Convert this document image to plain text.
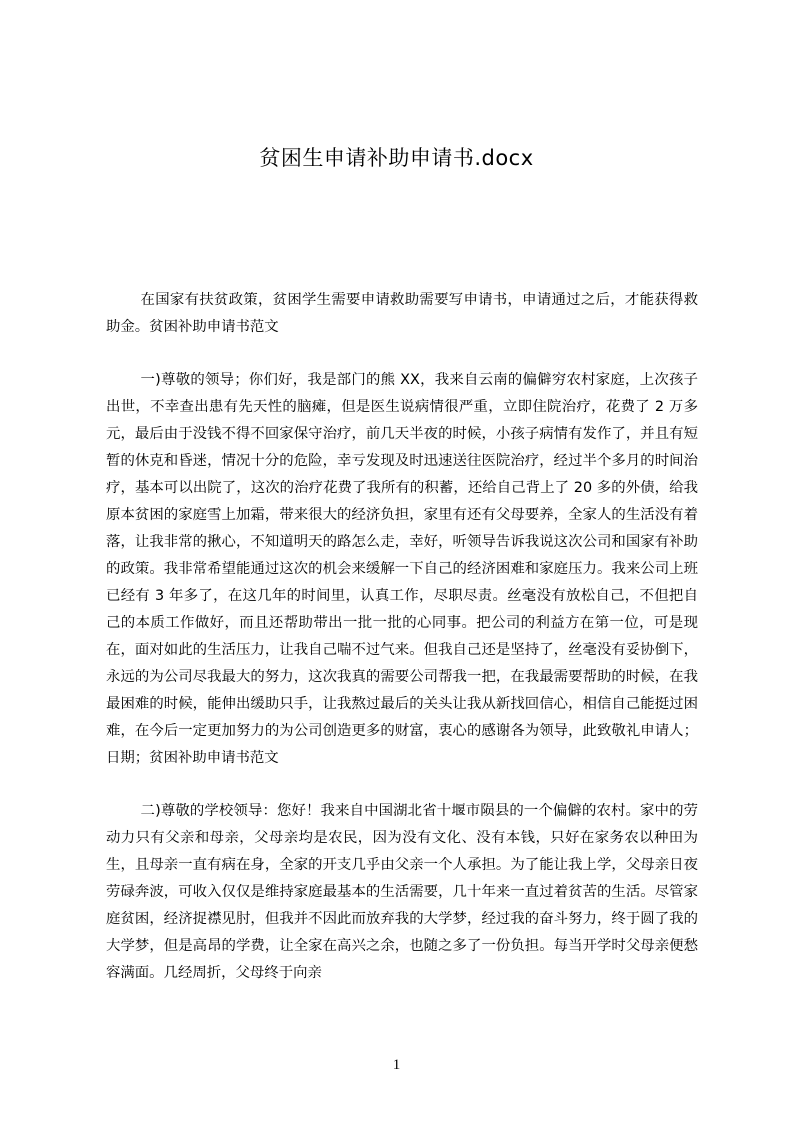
贫困生申请补助申请书.docx

在国家有扶贫政策，贫困学生需要申请救助需要写申请书，申请通过之后，才能获得救助金。贫困补助申请书范文

一)尊敬的领导；你们好，我是部门的熊 XX，我来自云南的偏僻穷农村家庭，上次孩子出世，不幸查出患有先天性的脑瘫，但是医生说病情很严重，立即住院治疗，花费了 2 万多元，最后由于没钱不得不回家保守治疗，前几天半夜的时候，小孩子病情有发作了，并且有短暂的休克和昏迷，情况十分的危险，幸亏发现及时迅速送往医院治疗，经过半个多月的时间治疗，基本可以出院了，这次的治疗花费了我所有的积蓄，还给自己背上了 20 多的外债，给我原本贫困的家庭雪上加霜，带来很大的经济负担，家里有还有父母要养，全家人的生活没有着落，让我非常的揪心，不知道明天的路怎么走，幸好，听领导告诉我说这次公司和国家有补助的政策。我非常希望能通过这次的机会来缓解一下自己的经济困难和家庭压力。我来公司上班已经有 3 年多了，在这几年的时间里，认真工作，尽职尽责。丝毫没有放松自己，不但把自己的本质工作做好，而且还帮助带出一批一批的心同事。把公司的利益方在第一位，可是现在，面对如此的生活压力，让我自己喘不过气来。但我自己还是坚持了，丝毫没有妥协倒下，永远的为公司尽我最大的努力，这次我真的需要公司帮我一把，在我最需要帮助的时候，在我最困难的时候，能伸出缓助只手，让我熬过最后的关头让我从新找回信心，相信自己能挺过困难，在今后一定更加努力的为公司创造更多的财富，衷心的感谢各为领导，此致敬礼申请人；日期；贫困补助申请书范文

二)尊敬的学校领导：您好！我来自中国湖北省十堰市陨县的一个偏僻的农村。家中的劳动力只有父亲和母亲，父母亲均是农民，因为没有文化、没有本钱，只好在家务农以种田为生，且母亲一直有病在身，全家的开支几乎由父亲一个人承担。为了能让我上学，父母亲日夜劳碌奔波，可收入仅仅是维持家庭最基本的生活需要，几十年来一直过着贫苦的生活。尽管家庭贫困，经济捉襟见肘，但我并不因此而放弃我的大学梦，经过我的奋斗努力，终于圆了我的大学梦，但是高昂的学费，让全家在高兴之余，也随之多了一份负担。每当开学时父母亲便愁容满面。几经周折，父母终于向亲

1
